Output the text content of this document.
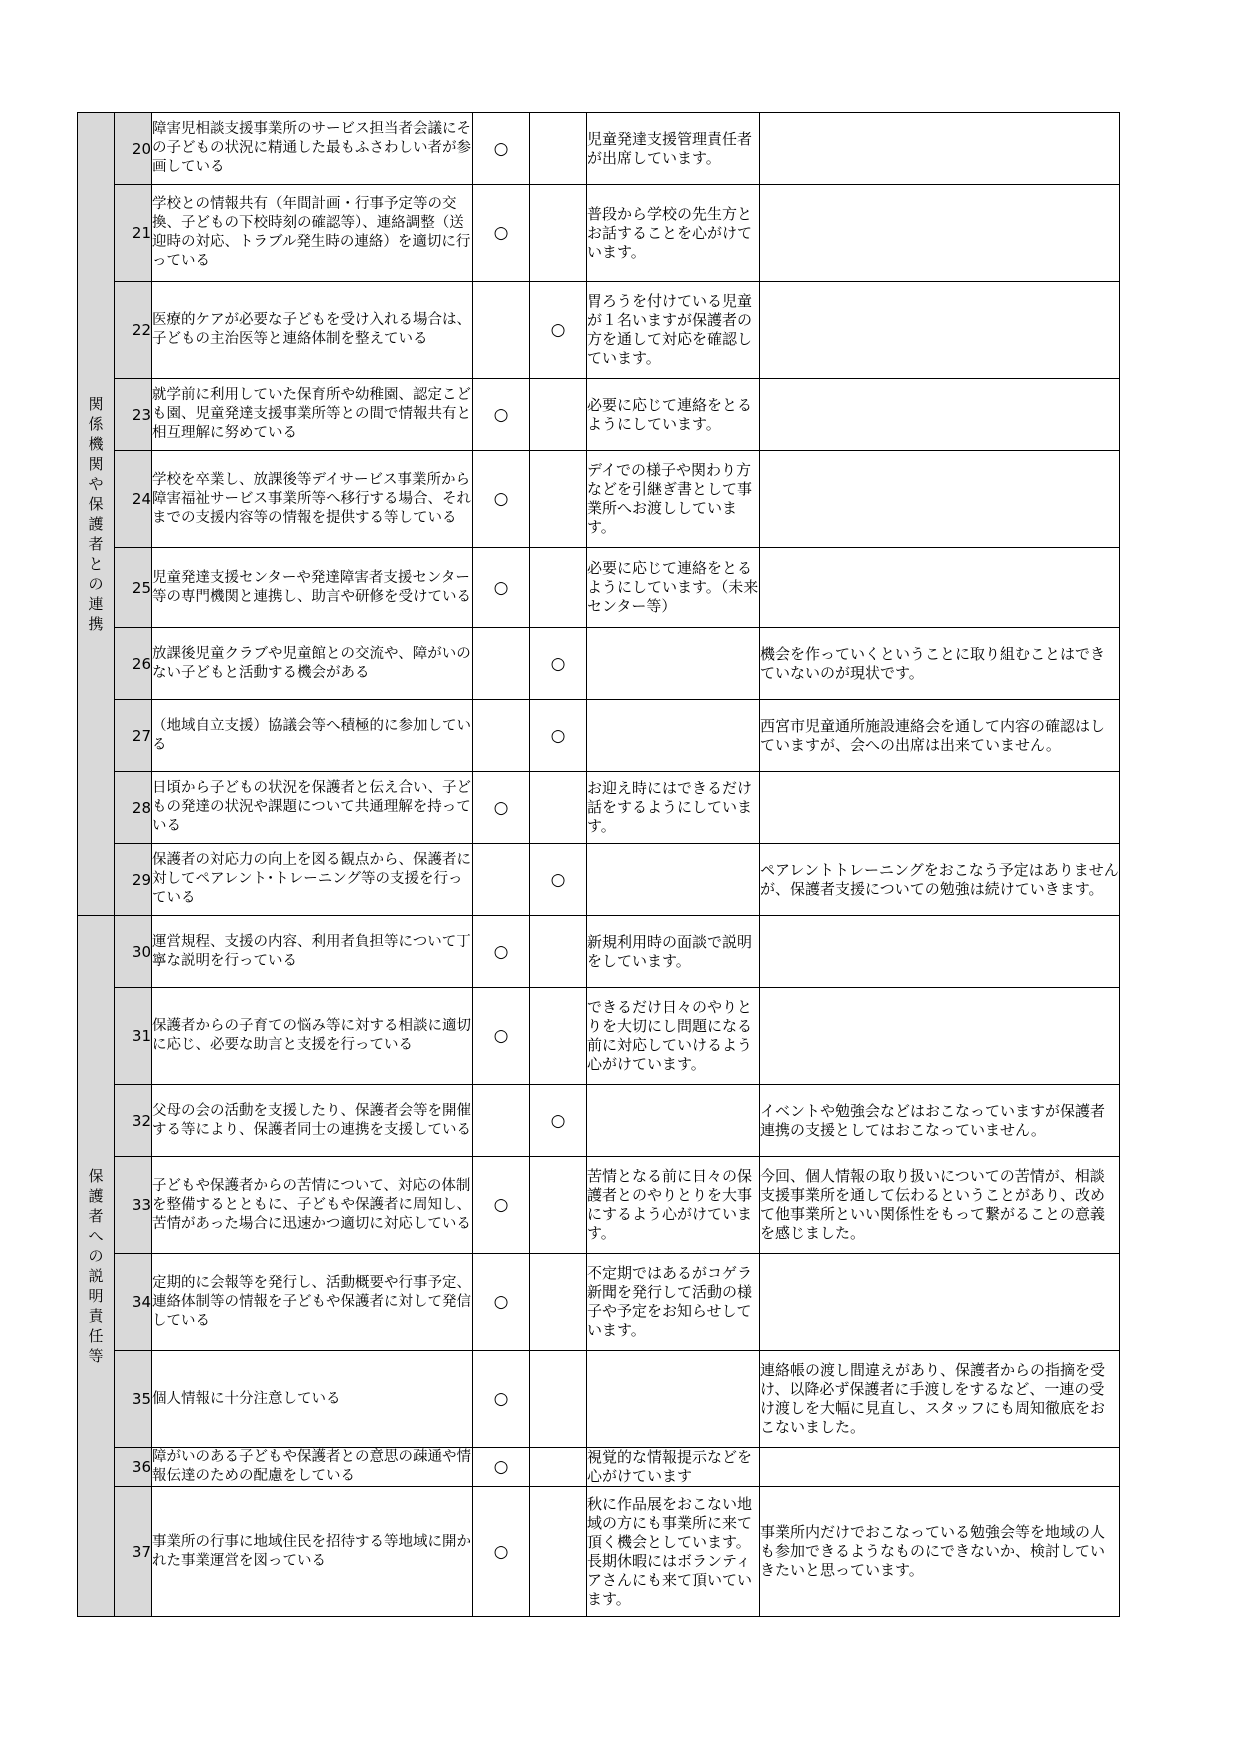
関係機関や保護者との連携	20	障害児相談支援事業所のサービス担当者会議にその子どもの状況に精通した最もふさわしい者が参画している	○		児童発達支援管理責任者が出席しています。	

	21	学校との情報共有（年間計画・行事予定等の交換、子どもの下校時刻の確認等）、連絡調整（送迎時の対応、トラブル発生時の連絡）を適切に行っている	○		普段から学校の先生方とお話することを心がけています。	

	22	医療的ケアが必要な子どもを受け入れる場合は、子どもの主治医等と連絡体制を整えている		○	胃ろうを付けている児童が１名いますが保護者の方を通して対応を確認しています。	

	23	就学前に利用していた保育所や幼稚園、認定こども園、児童発達支援事業所等との間で情報共有と相互理解に努めている	○		必要に応じて連絡をとるようにしています。	

	24	学校を卒業し、放課後等デイサービス事業所から障害福祉サービス事業所等へ移行する場合、それまでの支援内容等の情報を提供する等している	○		デイでの様子や関わり方などを引継ぎ書として事業所へお渡ししています。	

	25	児童発達支援センターや発達障害者支援センター等の専門機関と連携し、助言や研修を受けている	○		必要に応じて連絡をとるようにしています。（未来センター等）	

	26	放課後児童クラブや児童館との交流や、障がいのない子どもと活動する機会がある		○		機会を作っていくということに取り組むことはできていないのが現状です。

	27	（地域自立支援）協議会等へ積極的に参加している		○		西宮市児童通所施設連絡会を通して内容の確認はしていますが、会への出席は出来ていません。

	28	日頃から子どもの状況を保護者と伝え合い、子どもの発達の状況や課題について共通理解を持っている	○		お迎え時にはできるだけ話をするようにしています。	

	29	保護者の対応力の向上を図る観点から、保護者に対してペアレント･トレーニング等の支援を行っている		○		ペアレントトレーニングをおこなう予定はありませんが、保護者支援についての勉強は続けていきます。

保護者への説明責任等	30	運営規程、支援の内容、利用者負担等について丁寧な説明を行っている	○		新規利用時の面談で説明をしています。	

	31	保護者からの子育ての悩み等に対する相談に適切に応じ、必要な助言と支援を行っている	○		できるだけ日々のやりとりを大切にし問題になる前に対応していけるよう心がけています。	

	32	父母の会の活動を支援したり、保護者会等を開催する等により、保護者同士の連携を支援している		○		イベントや勉強会などはおこなっていますが保護者連携の支援としてはおこなっていません。

	33	子どもや保護者からの苦情について、対応の体制を整備するとともに、子どもや保護者に周知し、苦情があった場合に迅速かつ適切に対応している	○		苦情となる前に日々の保護者とのやりとりを大事にするよう心がけています。	今回、個人情報の取り扱いについての苦情が、相談支援事業所を通して伝わるということがあり、改めて他事業所といい関係性をもって繋がることの意義を感じました。

	34	定期的に会報等を発行し、活動概要や行事予定、連絡体制等の情報を子どもや保護者に対して発信している	○		不定期ではあるがコゲラ新聞を発行して活動の様子や予定をお知らせしています。	

	35	個人情報に十分注意している	○			連絡帳の渡し間違えがあり、保護者からの指摘を受け、以降必ず保護者に手渡しをするなど、一連の受け渡しを大幅に見直し、スタッフにも周知徹底をおこないました。

	36	障がいのある子どもや保護者との意思の疎通や情報伝達のための配慮をしている	○		視覚的な情報提示などを心がけています	

	37	事業所の行事に地域住民を招待する等地域に開かれた事業運営を図っている	○		秋に作品展をおこない地域の方にも事業所に来て頂く機会としています。長期休暇にはボランティアさんにも来て頂いています。	事業所内だけでおこなっている勉強会等を地域の人も参加できるようなものにできないか、検討していきたいと思っています。
